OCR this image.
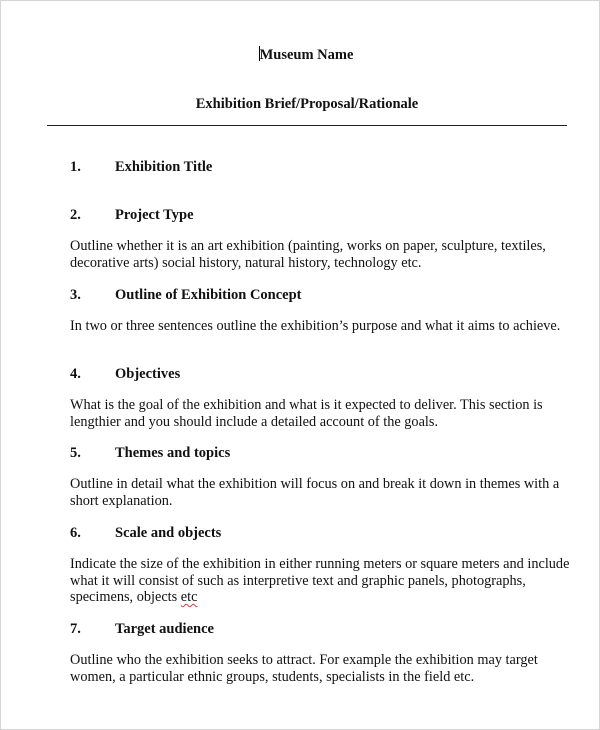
Museum Name
Exhibition Brief/Proposal/Rationale
1. Exhibition Title
2. Project Type
Outline whether it is an art exhibition (painting, works on paper, sculpture, textiles, decorative arts) social history, natural history, technology etc.
3. Outline of Exhibition Concept
In two or three sentences outline the exhibition’s purpose and what it aims to achieve.
4. Objectives
What is the goal of the exhibition and what is it expected to deliver. This section is lengthier and you should include a detailed account of the goals.
5. Themes and topics
Outline in detail what the exhibition will focus on and break it down in themes with a short explanation.
6. Scale and objects
Indicate the size of the exhibition in either running meters or square meters and include what it will consist of such as interpretive text and graphic panels, photographs, specimens, objects etc
7. Target audience
Outline who the exhibition seeks to attract. For example the exhibition may target women, a particular ethnic groups, students, specialists in the field etc.
